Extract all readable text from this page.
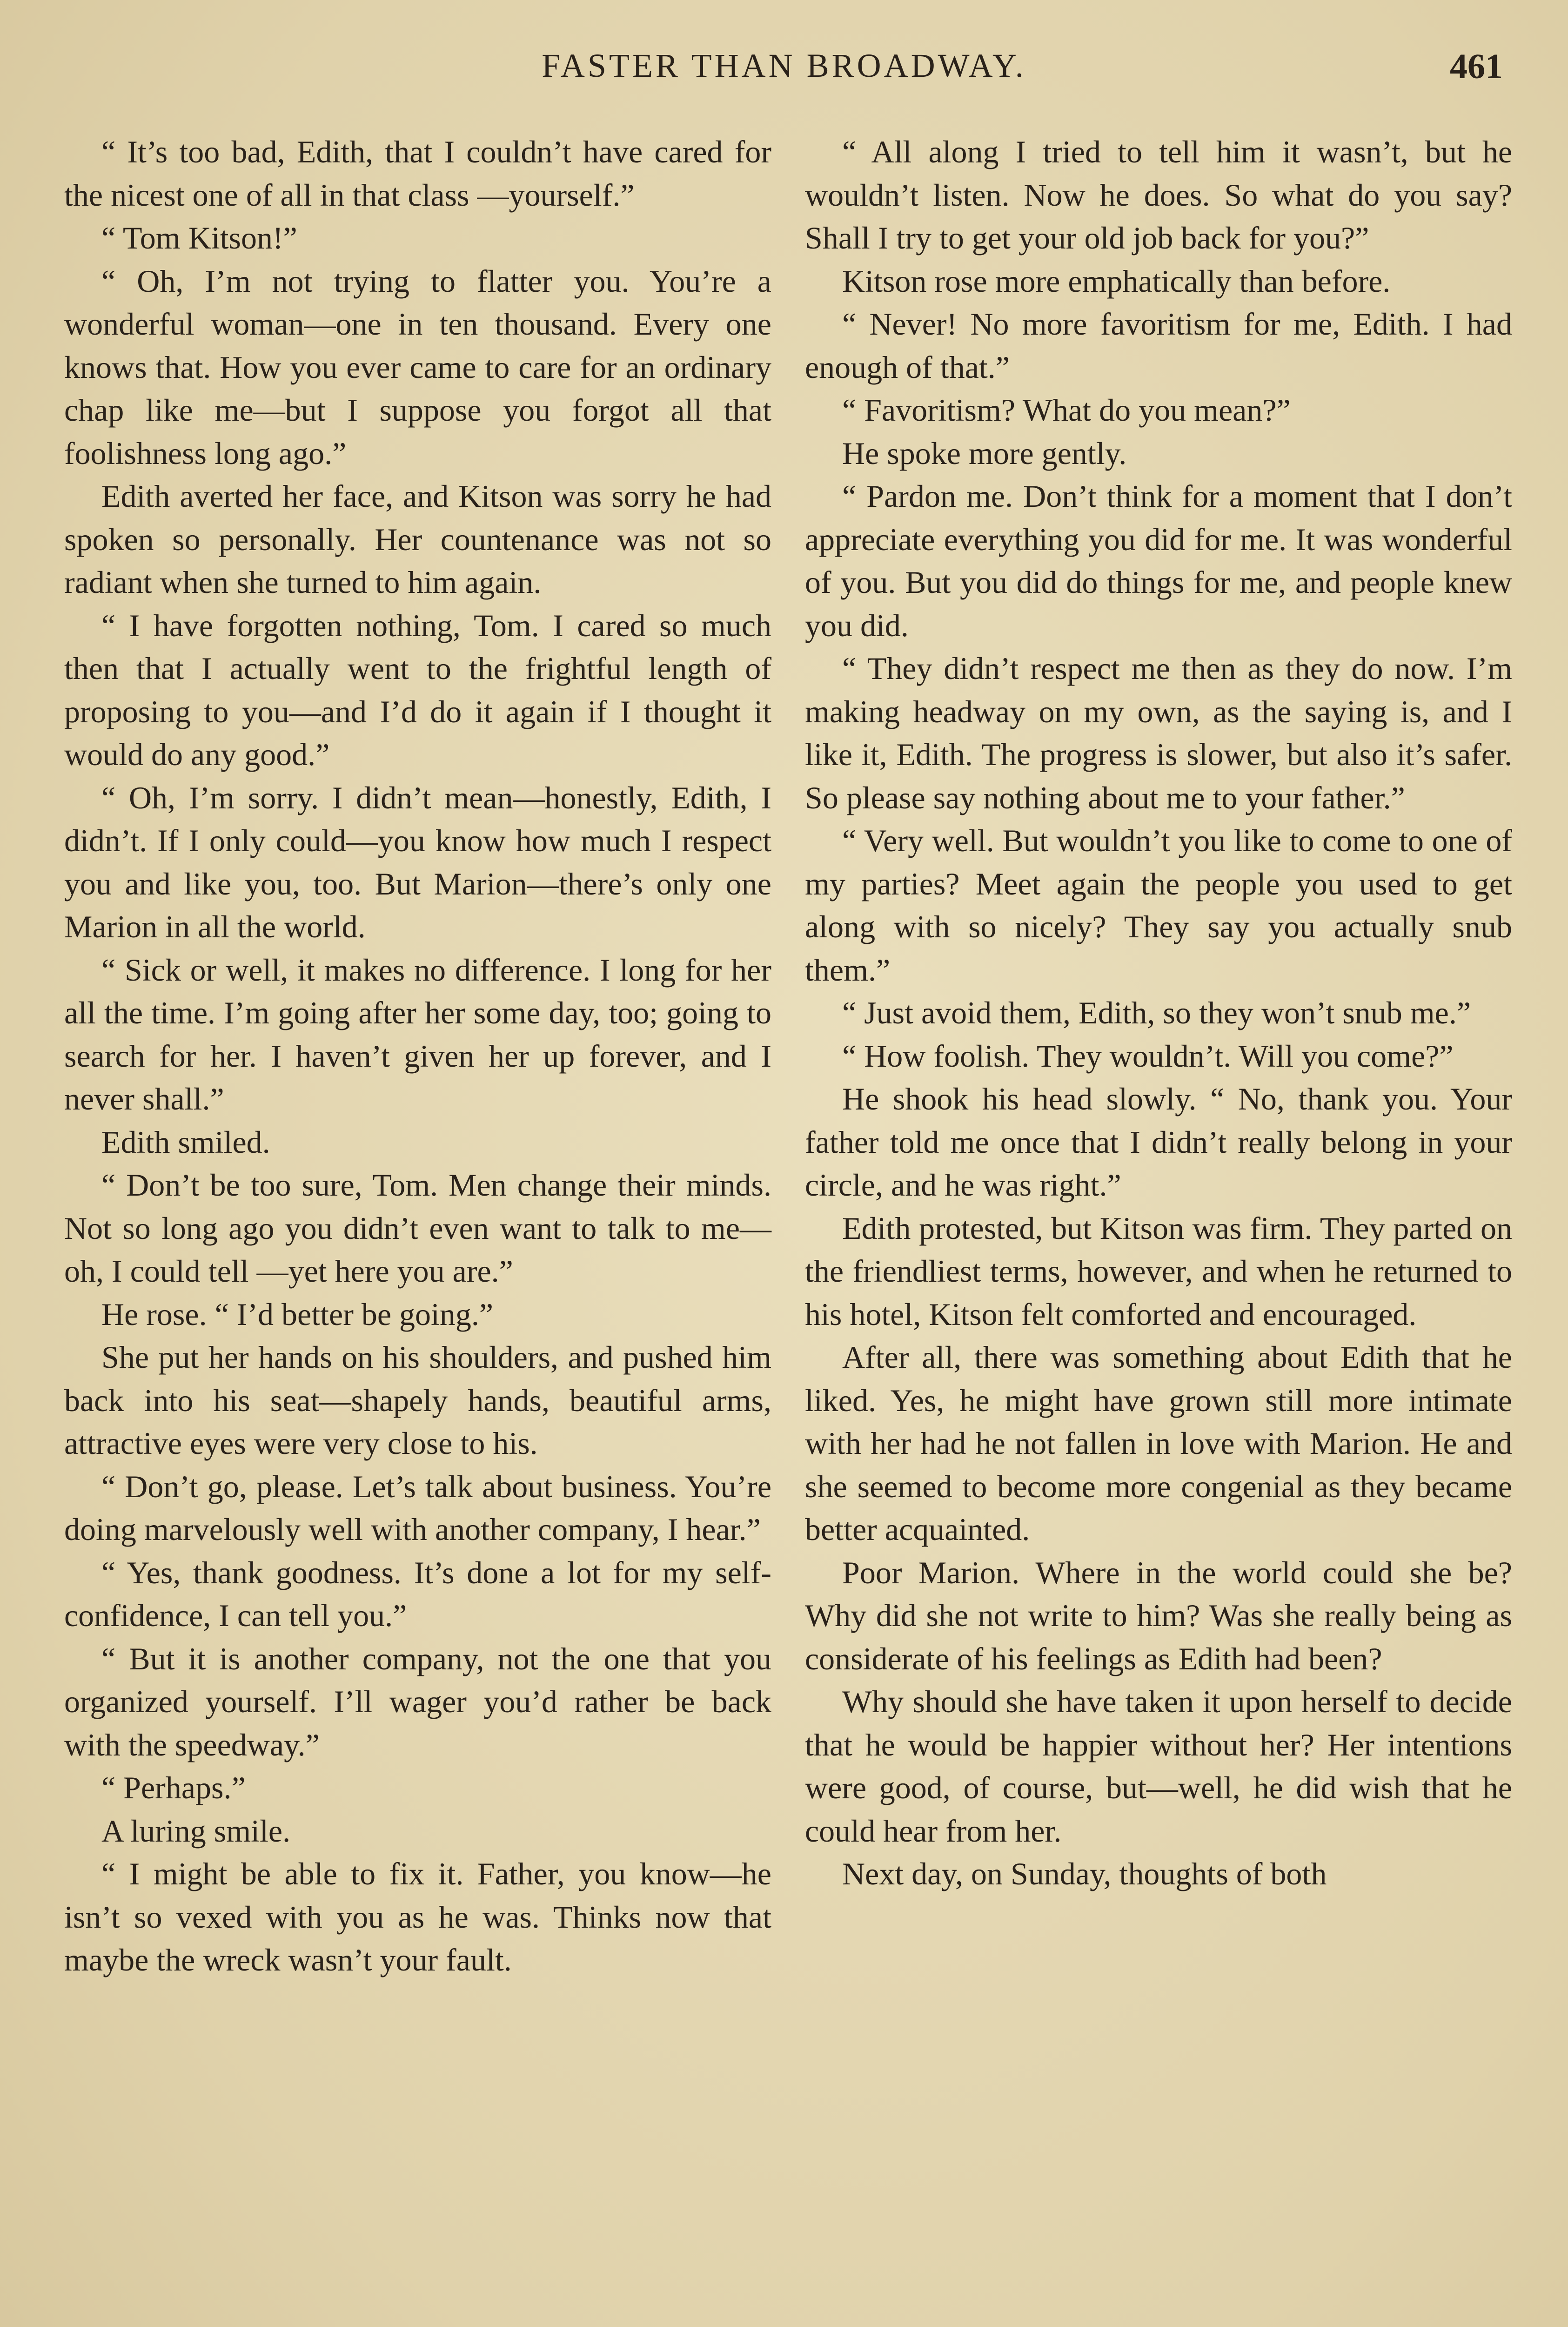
FASTER THAN BROADWAY.	461

“ It’s too bad, Edith, that I couldn’t have cared for the nicest one of all in that class —yourself.”

“ Tom Kitson!”

“ Oh, I’m not trying to flatter you. You’re a wonderful woman—one in ten thousand. Every one knows that. How you ever came to care for an ordinary chap like me—but I suppose you forgot all that foolishness long ago.”

Edith averted her face, and Kitson was sorry he had spoken so personally. Her countenance was not so radiant when she turned to him again.

“ I have forgotten nothing, Tom. I cared so much then that I actually went to the frightful length of proposing to you—and I’d do it again if I thought it would do any good.”

“ Oh, I’m sorry. I didn’t mean—honestly, Edith, I didn’t. If I only could—you know how much I respect you and like you, too. But Marion—there’s only one Marion in all the world.

“ Sick or well, it makes no difference. I long for her all the time. I’m going after her some day, too; going to search for her. I haven’t given her up forever, and I never shall.”

Edith smiled.

“ Don’t be too sure, Tom. Men change their minds. Not so long ago you didn’t even want to talk to me—oh, I could tell —yet here you are.”

He rose. “ I’d better be going.”

She put her hands on his shoulders, and pushed him back into his seat—shapely hands, beautiful arms, attractive eyes were very close to his.

“ Don’t go, please. Let’s talk about business. You’re doing marvelously well with another company, I hear.”

“ Yes, thank goodness. It’s done a lot for my self-confidence, I can tell you.”

“ But it is another company, not the one that you organized yourself. I’ll wager you’d rather be back with the speedway.”

“ Perhaps.”

A luring smile.

“ I might be able to fix it. Father, you know—he isn’t so vexed with you as he was. Thinks now that maybe the wreck wasn’t your fault.

“ All along I tried to tell him it wasn’t, but he wouldn’t listen. Now he does. So what do you say? Shall I try to get your old job back for you?”

Kitson rose more emphatically than before.

“ Never! No more favoritism for me, Edith. I had enough of that.”

“ Favoritism? What do you mean?”

He spoke more gently.

“ Pardon me. Don’t think for a moment that I don’t appreciate everything you did for me. It was wonderful of you. But you did do things for me, and people knew you did.

“ They didn’t respect me then as they do now. I’m making headway on my own, as the saying is, and I like it, Edith. The progress is slower, but also it’s safer. So please say nothing about me to your father.”

“ Very well. But wouldn’t you like to come to one of my parties? Meet again the people you used to get along with so nicely? They say you actually snub them.”

“ Just avoid them, Edith, so they won’t snub me.”

“ How foolish. They wouldn’t. Will you come?”

He shook his head slowly. “ No, thank you. Your father told me once that I didn’t really belong in your circle, and he was right.”

Edith protested, but Kitson was firm. They parted on the friendliest terms, however, and when he returned to his hotel, Kitson felt comforted and encouraged.

After all, there was something about Edith that he liked. Yes, he might have grown still more intimate with her had he not fallen in love with Marion. He and she seemed to become more congenial as they became better acquainted.

Poor Marion. Where in the world could she be? Why did she not write to him? Was she really being as considerate of his feelings as Edith had been?

Why should she have taken it upon herself to decide that he would be happier without her? Her intentions were good, of course, but—well, he did wish that he could hear from her.

Next day, on Sunday, thoughts of both
